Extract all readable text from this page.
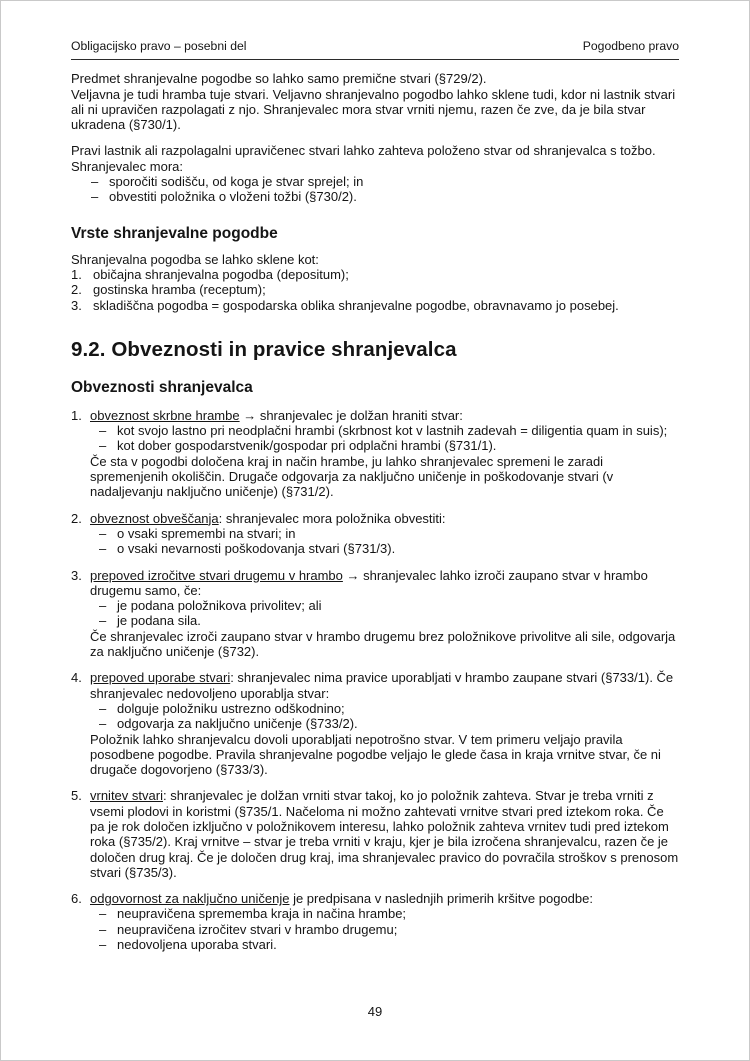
Obligacijsko pravo – posebni del	Pogodbeno pravo
Predmet shranjevalne pogodbe so lahko samo premične stvari (§729/2).
Veljavna je tudi hramba tuje stvari. Veljavno shranjevalno pogodbo lahko sklene tudi, kdor ni lastnik stvari ali ni upravičen razpolagati z njo. Shranjevalec mora stvar vrniti njemu, razen če zve, da je bila stvar ukradena (§730/1).
Pravi lastnik ali razpolagalni upravičenec stvari lahko zahteva položeno stvar od shranjevalca s tožbo. Shranjevalec mora:
– sporočiti sodišču, od koga je stvar sprejel; in
– obvestiti položnika o vloženi tožbi (§730/2).
Vrste shranjevalne pogodbe
Shranjevalna pogodba se lahko sklene kot:
1. običajna shranjevalna pogodba (depositum);
2. gostinska hramba (receptum);
3. skladiščna pogodba = gospodarska oblika shranjevalne pogodbe, obravnavamo jo posebej.
9.2. Obveznosti in pravice shranjevalca
Obveznosti shranjevalca
1. obveznost skrbne hrambe → shranjevalec je dolžan hraniti stvar:
– kot svojo lastno pri neodplačni hrambi (skrbnost kot v lastnih zadevah = diligentia quam in suis);
– kot dober gospodarstvenik/gospodar pri odplačni hrambi (§731/1).
Če sta v pogodbi določena kraj in način hrambe, ju lahko shranjevalec spremeni le zaradi spremenjenih okoliščin. Drugače odgovarja za naključno uničenje in poškodovanje stvari (v nadaljevanju naključno uničenje) (§731/2).
2. obveznost obveščanja: shranjevalec mora položnika obvestiti:
– o vsaki spremembi na stvari; in
– o vsaki nevarnosti poškodovanja stvari (§731/3).
3. prepoved izročitve stvari drugemu v hrambo → shranjevalec lahko izroči zaupano stvar v hrambo drugemu samo, če:
– je podana položnikova privolitev; ali
– je podana sila.
Če shranjevalec izroči zaupano stvar v hrambo drugemu brez položnikove privolitve ali sile, odgovarja za naključno uničenje (§732).
4. prepoved uporabe stvari: shranjevalec nima pravice uporabljati v hrambo zaupane stvari (§733/1). Če shranjevalec nedovoljeno uporablja stvar:
– dolguje položniku ustrezno odškodnino;
– odgovarja za naključno uničenje (§733/2).
Položnik lahko shranjevalcu dovoli uporabljati nepotrošno stvar. V tem primeru veljajo pravila posodbene pogodbe. Pravila shranjevalne pogodbe veljajo le glede časa in kraja vrnitve stvar, če ni drugače dogovorjeno (§733/3).
5. vrnitev stvari: shranjevalec je dolžan vrniti stvar takoj, ko jo položnik zahteva. Stvar je treba vrniti z vsemi plodovi in koristmi (§735/1. Načeloma ni možno zahtevati vrnitve stvari pred iztekom roka. Če pa je rok določen izključno v položnikovem interesu, lahko položnik zahteva vrnitev tudi pred iztekom roka (§735/2). Kraj vrnitve – stvar je treba vrniti v kraju, kjer je bila izročena shranjevalcu, razen če je določen drug kraj. Če je določen drug kraj, ima shranjevalec pravico do povračila stroškov s prenosom stvari (§735/3).
6. odgovornost za naključno uničenje je predpisana v naslednjih primerih kršitve pogodbe:
– neupravičena sprememba kraja in načina hrambe;
– neupravičena izročitev stvari v hrambo drugemu;
– nedovoljena uporaba stvari.
49
